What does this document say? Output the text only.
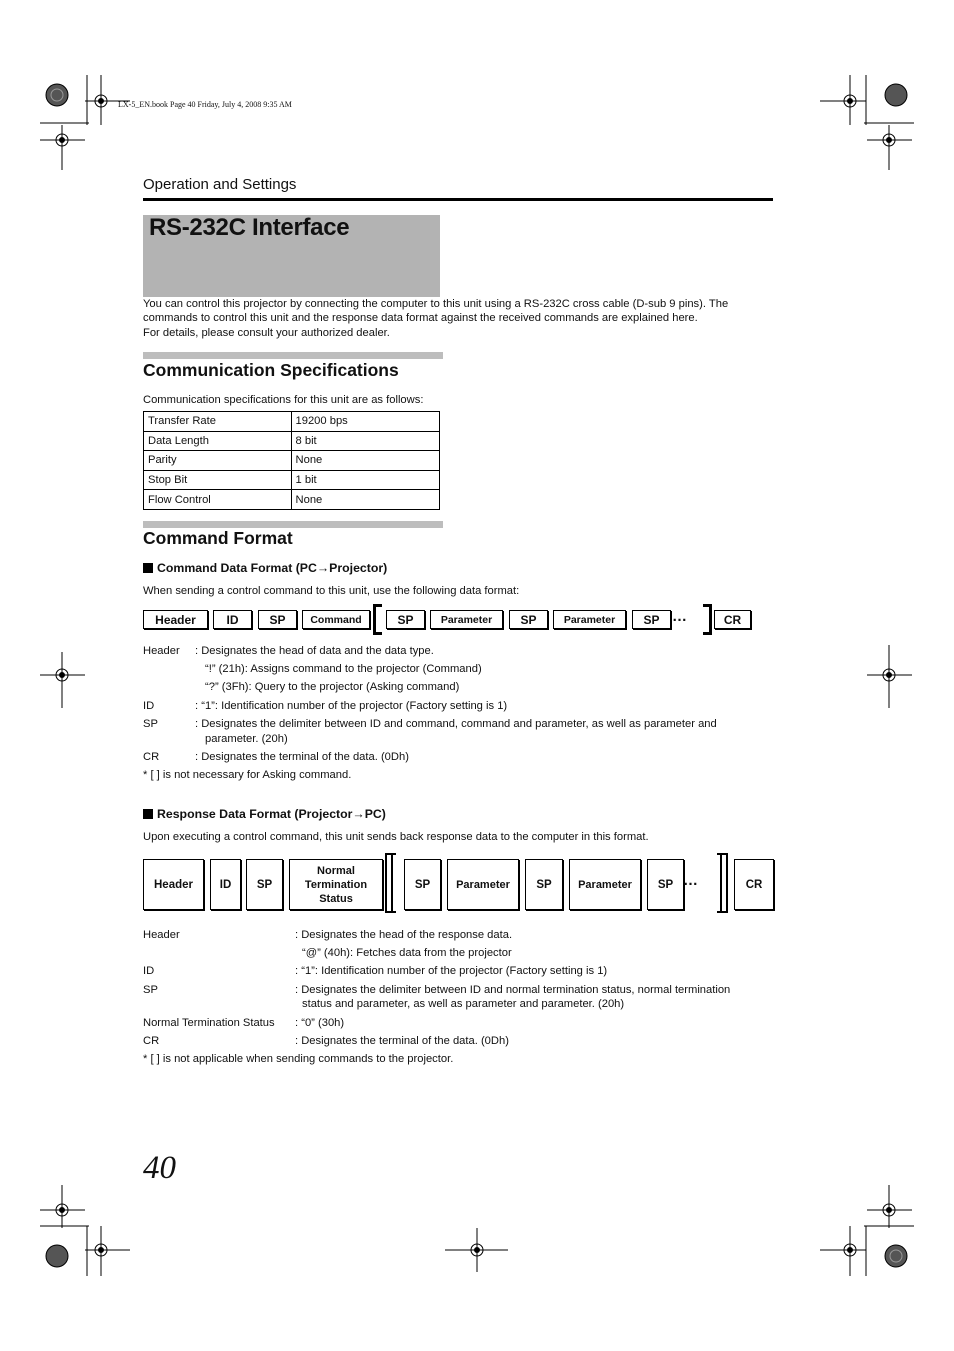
LX-5_EN.book Page 40 Friday, July 4, 2008 9:35 AM
Operation and Settings
RS-232C Interface
You can control this projector by connecting the computer to this unit using a RS-232C cross cable (D-sub 9 pins). The
commands to control this unit and the response data format against the received commands are explained here.
For details, please consult your authorized dealer.
Communication Specifications
Communication specifications for this unit are as follows:
Transfer Rate	19200 bps
Data Length	8 bit
Parity	None
Stop Bit	1 bit
Flow Control	None
Command Format
Command Data Format (PC→Projector)
When sending a control command to this unit, use the following data format:
Header	ID	SP	Command	SP	Parameter	SP	Parameter	SP …	CR
Header : Designates the head of data and the data type.
“!” (21h): Assigns command to the projector (Command)
“?” (3Fh): Query to the projector (Asking command)
ID	: “1”: Identification number of the projector (Factory setting is 1)
SP	: Designates the delimiter between ID and command, command and parameter, as well as parameter and
parameter. (20h)
CR	: Designates the terminal of the data. (0Dh)
* [ ] is not necessary for Asking command.
Response Data Format (Projector→PC)
Upon executing a control command, this unit sends back response data to the computer in this format.
Header	ID	SP
Normal
Termination
Status
SP	Parameter	SP	Parameter	SP …	CR
Header	: Designates the head of the response data.
“@” (40h): Fetches data from the projector
ID	: “1”: Identification number of the projector (Factory setting is 1)
SP	: Designates the delimiter between ID and normal termination status, normal termination
status and parameter, as well as parameter and parameter. (20h)
Normal Termination Status : “0” (30h)
CR	: Designates the terminal of the data. (0Dh)
* [ ] is not applicable when sending commands to the projector.
40
